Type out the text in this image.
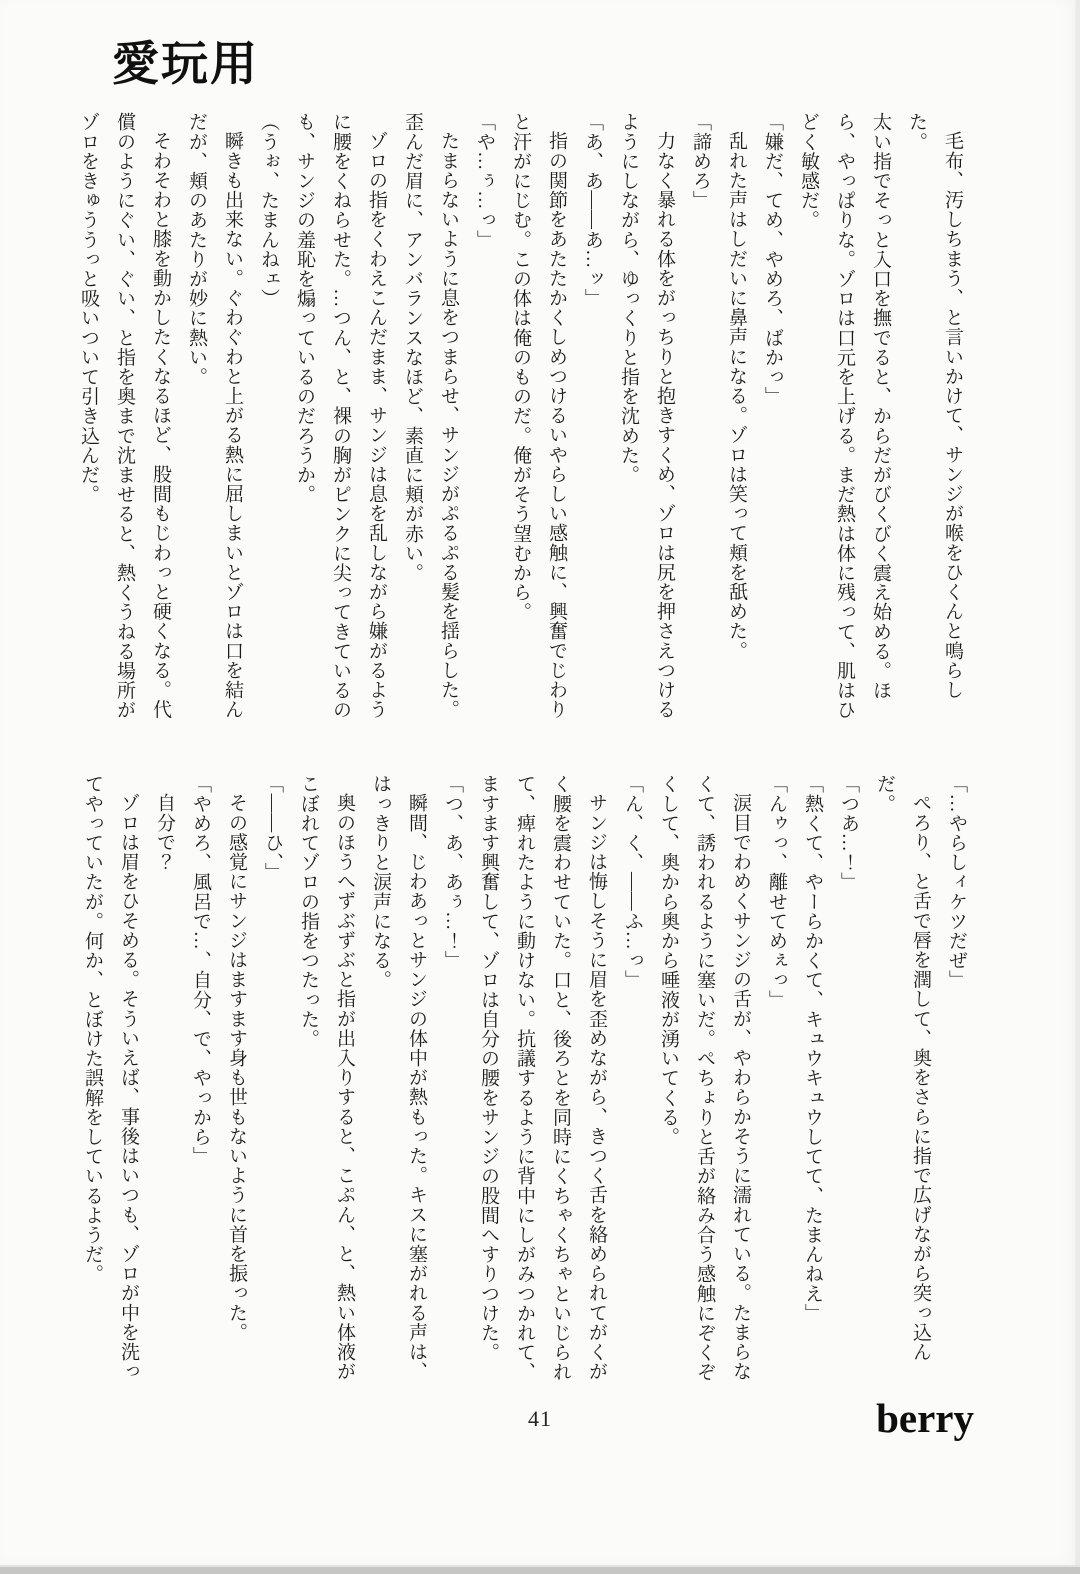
愛玩用

毛布、汚しちまう、と言いかけて、サンジが喉をひくんと鳴らした。

太い指でそっと入口を撫でると、からだがびくびく震え始める。ほら、やっぱりな。ゾロは口元を上げる。まだ熱は体に残って、肌はひどく敏感だ。

「嫌だ、てめ、やめろ、ばかっ」

乱れた声はしだいに鼻声になる。ゾロは笑って頬を舐めた。

「諦めろ」

力なく暴れる体をがっちりと抱きすくめ、ゾロは尻を押さえつけるようにしながら、ゆっくりと指を沈めた。

「あ、あ――あ…ッ」

指の関節をあたたかくしめつけるいやらしい感触に、興奮でじわりと汗がにじむ。この体は俺のものだ。俺がそう望むから。

「や…ぅ…っ」

たまらないように息をつまらせ、サンジがぷるぷる髪を揺らした。歪んだ眉に、アンバランスなほど、素直に頬が赤い。

ゾロの指をくわえこんだまま、サンジは息を乱しながら嫌がるように腰をくねらせた。…つん、と、裸の胸がピンクに尖ってきているのも、サンジの羞恥を煽っているのだろうか。

（うぉ、たまんねェ）

瞬きも出来ない。ぐわぐわと上がる熱に屈しまいとゾロは口を結んだが、頬のあたりが妙に熱い。

そわそわと膝を動かしたくなるほど、股間もじわっと硬くなる。代償のようにぐい、ぐい、と指を奥まで沈ませると、熱くうねる場所がゾロをきゅううっと吸いついて引き込んだ。

「…やらしィケツだぜ」

ぺろり、と舌で唇を潤して、奥をさらに指で広げながら突っ込んだ。

「つあ…！」

「熱くて、やーらかくて、キュウキュウしてて、たまんねえ」

「んゥっ、離せてめぇっ」

涙目でわめくサンジの舌が、やわらかそうに濡れている。たまらなくて、誘われるように塞いだ。ぺちょりと舌が絡み合う感触にぞくぞくして、奥から奥から唾液が湧いてくる。

「ん、く、――ふ…っ」

サンジは悔しそうに眉を歪めながら、きつく舌を絡められてがくがく腰を震わせていた。口と、後ろとを同時にくちゃくちゃといじられて、痺れたように動けない。抗議するように背中にしがみつかれて、ますます興奮して、ゾロは自分の腰をサンジの股間へすりつけた。

「つ、あ、あぅ…！」

瞬間、じわあっとサンジの体中が熱もった。キスに塞がれる声は、はっきりと涙声になる。

奥のほうへずぶずぶと指が出入りすると、こぷん、と、熱い体液がこぼれてゾロの指をつたった。

「――ひ、」

その感覚にサンジはますます身も世もないように首を振った。

「やめろ、風呂で…、自分、で、やっから」

自分で？

ゾロは眉をひそめる。そういえば、事後はいつも、ゾロが中を洗ってやっていたが。何か、とぼけた誤解をしているようだ。

41	berry
